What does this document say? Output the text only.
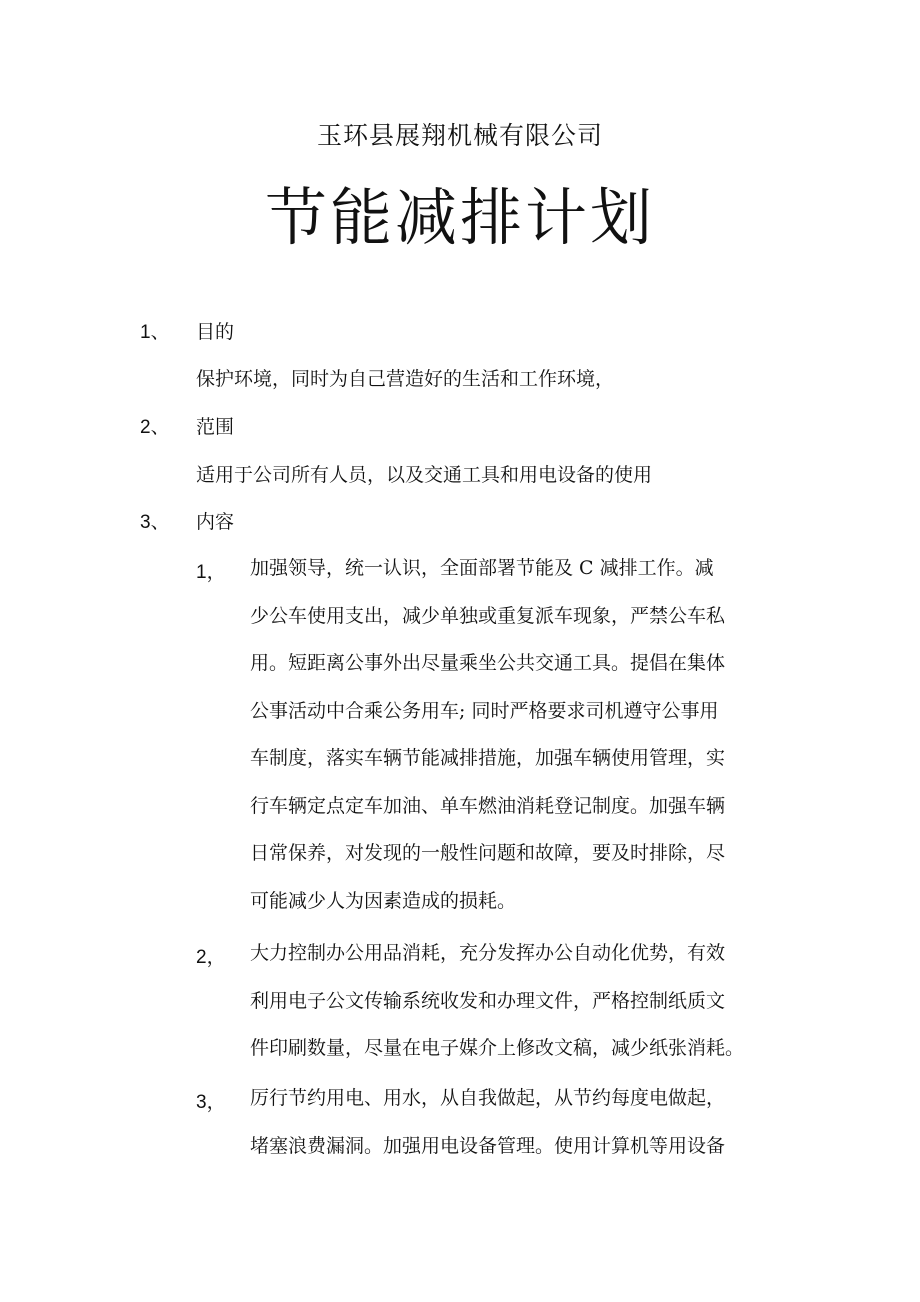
玉环县展翔机械有限公司
节能减排计划
1、 目的
保护环境，同时为自己营造好的生活和工作环境，
2、 范围
适用于公司所有人员，以及交通工具和用电设备的使用
3、 内容
1， 加强领导，统一认识，全面部署节能及 C 减排工作。减
少公车使用支出，减少单独或重复派车现象，严禁公车私
用。短距离公事外出尽量乘坐公共交通工具。提倡在集体
公事活动中合乘公务用车; 同时严格要求司机遵守公事用
车制度，落实车辆节能减排措施，加强车辆使用管理，实
行车辆定点定车加油、单车燃油消耗登记制度。加强车辆
日常保养，对发现的一般性问题和故障，要及时排除，尽
可能减少人为因素造成的损耗。
2， 大力控制办公用品消耗，充分发挥办公自动化优势，有效
利用电子公文传输系统收发和办理文件，严格控制纸质文
件印刷数量，尽量在电子媒介上修改文稿，减少纸张消耗。
3， 厉行节约用电、用水，从自我做起，从节约每度电做起，
堵塞浪费漏洞。加强用电设备管理。使用计算机等用设备
